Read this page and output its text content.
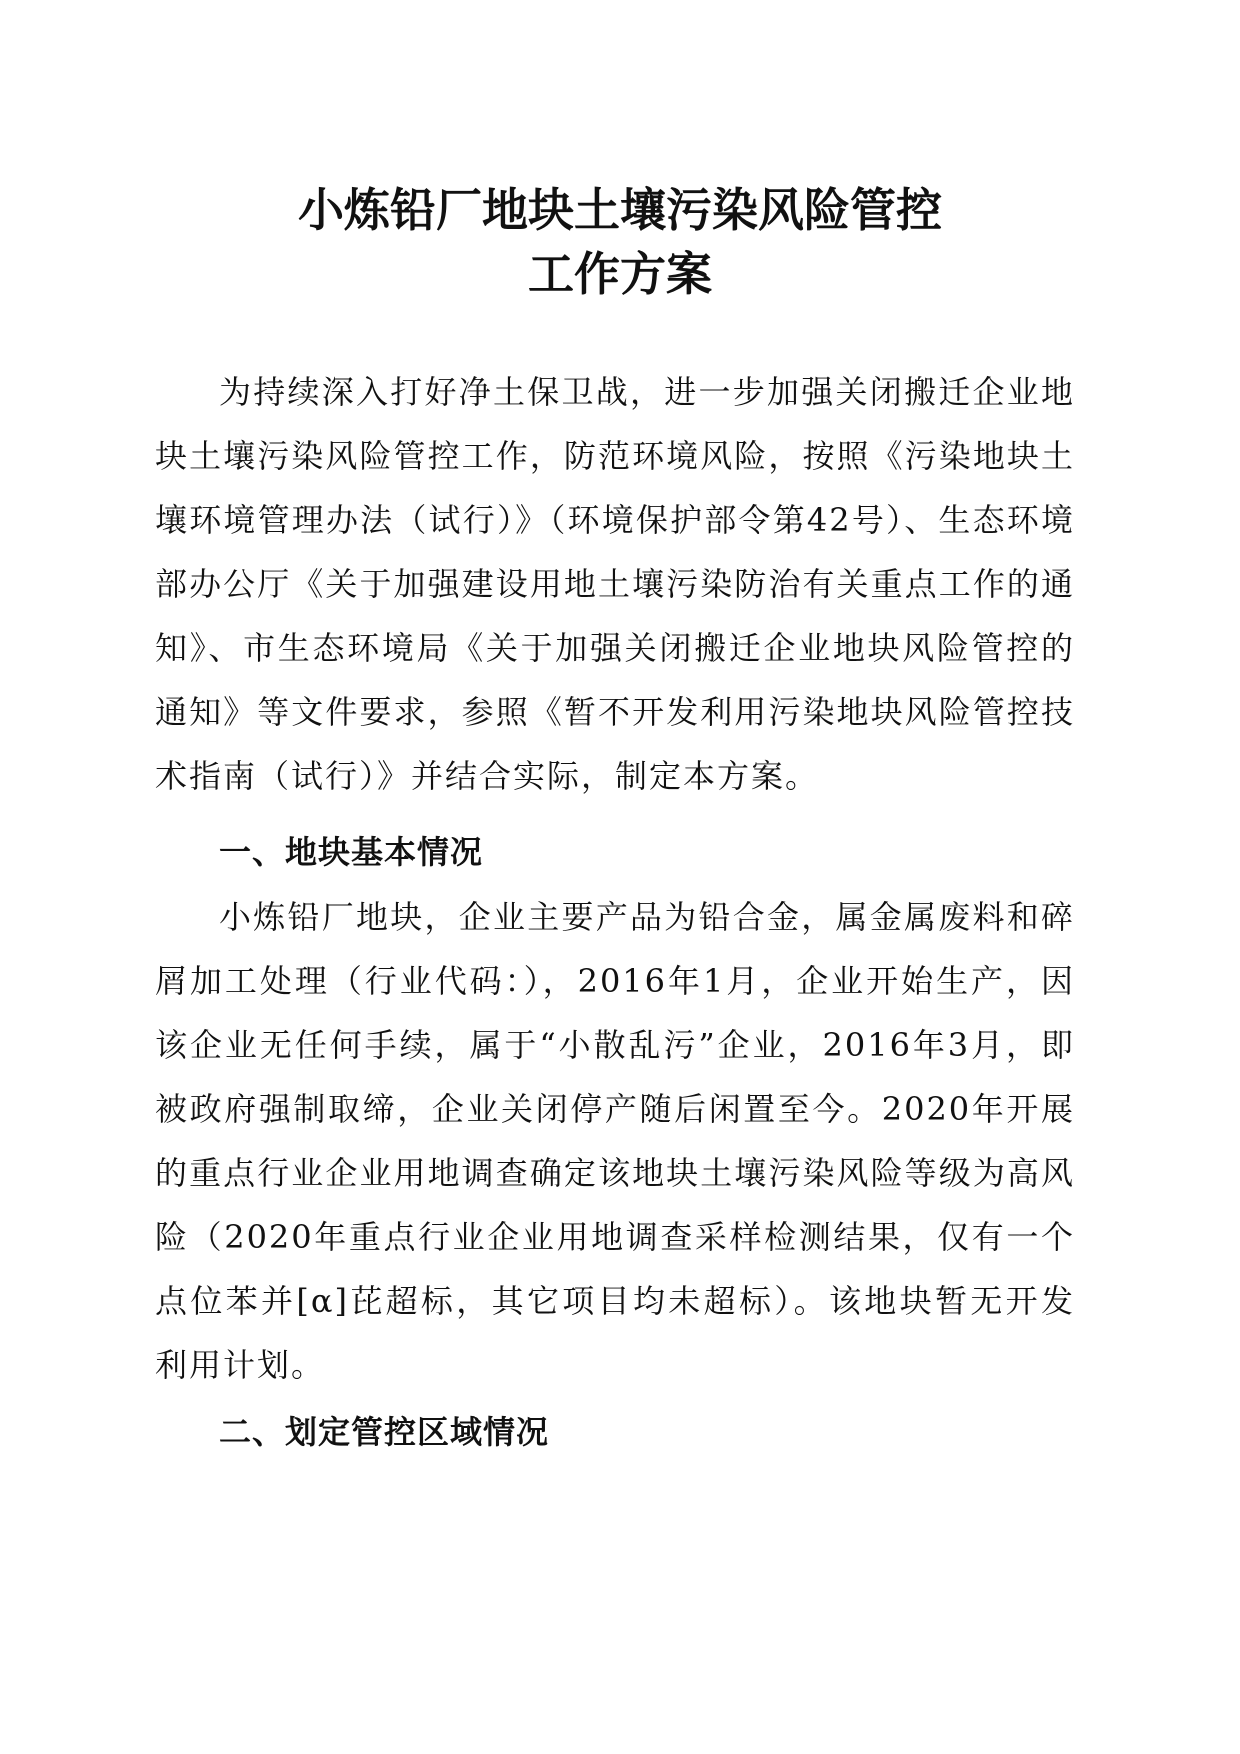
小炼铅厂地块土壤污染风险管控
工作方案

为持续深入打好净土保卫战，进一步加强关闭搬迁企业地块土壤污染风险管控工作，防范环境风险，按照《污染地块土壤环境管理办法（试行）》（环境保护部令第42号）、生态环境部办公厅《关于加强建设用地土壤污染防治有关重点工作的通知》、市生态环境局《关于加强关闭搬迁企业地块风险管控的通知》等文件要求，参照《暂不开发利用污染地块风险管控技术指南（试行）》并结合实际，制定本方案。

一、地块基本情况

小炼铅厂地块，企业主要产品为铅合金，属金属废料和碎屑加工处理（行业代码：），2016年1月，企业开始生产，因该企业无任何手续，属于“小散乱污”企业，2016年3月，即被政府强制取缔，企业关闭停产随后闲置至今。2020年开展的重点行业企业用地调查确定该地块土壤污染风险等级为高风险（2020年重点行业企业用地调查采样检测结果，仅有一个点位苯并[α]芘超标，其它项目均未超标）。该地块暂无开发利用计划。

二、划定管控区域情况
